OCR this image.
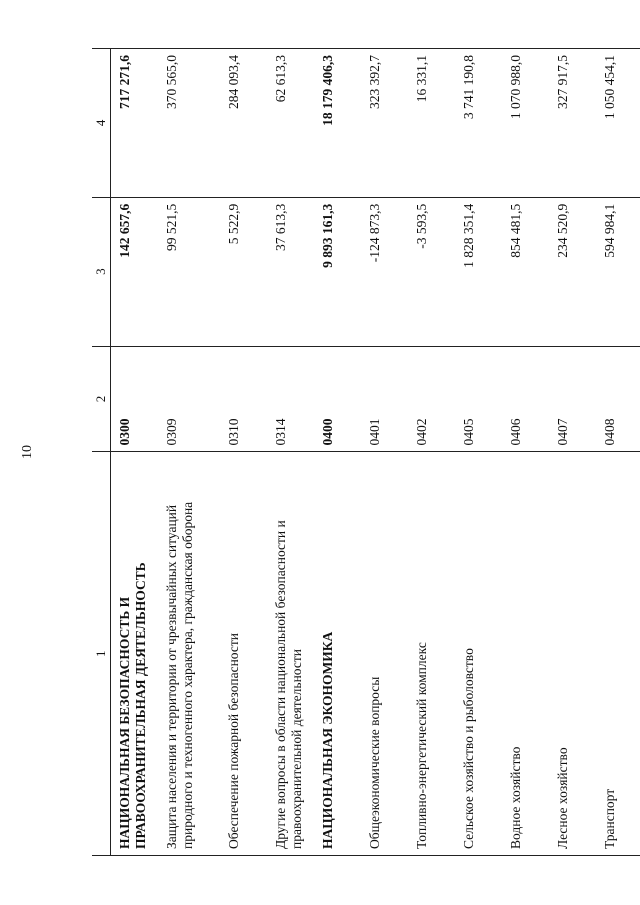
10
1	2	3	4
НАЦИОНАЛЬНАЯ БЕЗОПАСНОСТЬ И ПРАВООХРАНИТЕЛЬНАЯ ДЕЯТЕЛЬНОСТЬ	0300	142 657,6	717 271,6
Защита населения и территории от чрезвычайных ситуаций природного и техногенного характера, гражданская оборона	0309	99 521,5	370 565,0
Обеспечение пожарной безопасности	0310	5 522,9	284 093,4
Другие вопросы в области национальной безопасности и правоохранительной деятельности	0314	37 613,3	62 613,3
НАЦИОНАЛЬНАЯ ЭКОНОМИКА	0400	9 893 161,3	18 179 406,3
Общеэкономические вопросы	0401	-124 873,3	323 392,7
Топливно-энергетический комплекс	0402	-3 593,5	16 331,1
Сельское хозяйство и рыболовство	0405	1 828 351,4	3 741 190,8
Водное хозяйство	0406	854 481,5	1 070 988,0
Лесное хозяйство	0407	234 520,9	327 917,5
Транспорт	0408	594 984,1	1 050 454,1
